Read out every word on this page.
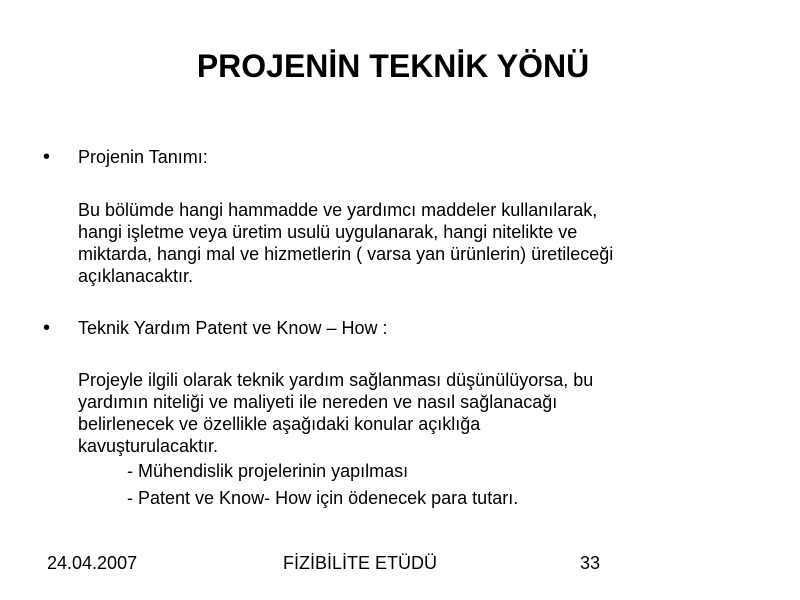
PROJENİN TEKNİK YÖNÜ
• Projenin Tanımı:
Bu bölümde hangi hammadde ve yardımcı maddeler kullanılarak,
hangi işletme veya üretim usulü uygulanarak, hangi nitelikte ve
miktarda, hangi mal ve hizmetlerin ( varsa yan ürünlerin) üretileceği
açıklanacaktır.
• Teknik Yardım Patent ve Know – How :
Projeyle ilgili olarak teknik yardım sağlanması düşünülüyorsa, bu
yardımın niteliği ve maliyeti ile nereden ve nasıl sağlanacağı
belirlenecek ve özellikle aşağıdaki konular açıklığa
kavuşturulacaktır.
- Mühendislik projelerinin yapılması
- Patent ve Know- How için ödenecek para tutarı.
24.04.2007	FİZİBİLİTE ETÜDÜ	33
